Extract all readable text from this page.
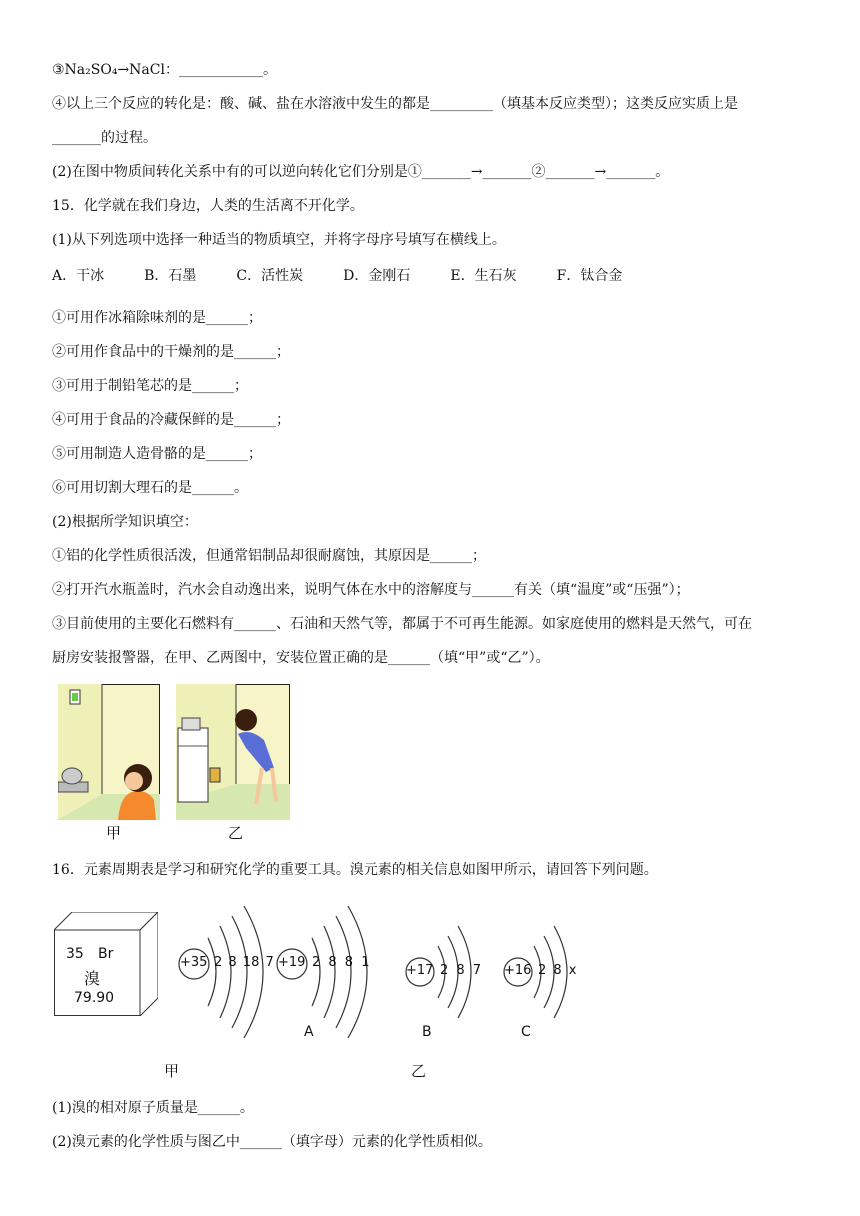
③Na₂SO₄→NaCl：____________。
④以上三个反应的转化是：酸、碱、盐在水溶液中发生的都是_________（填基本反应类型）；这类反应实质上是
_______的过程。
(2)在图中物质间转化关系中有的可以逆向转化它们分别是①_______→_______②_______→_______。
15．化学就在我们身边，人类的生活离不开化学。
(1)从下列选项中选择一种适当的物质填空，并将字母序号填写在横线上。
A．干冰	B．石墨	C．活性炭	D．金刚石	E．生石灰	F．钛合金
①可用作冰箱除味剂的是______；
②可用作食品中的干燥剂的是______；
③可用于制铅笔芯的是______；
④可用于食品的冷藏保鲜的是______；
⑤可用制造人造骨骼的是______；
⑥可用切割大理石的是______。
(2)根据所学知识填空：
①铝的化学性质很活泼，但通常铝制品却很耐腐蚀，其原因是______；
②打开汽水瓶盖时，汽水会自动逸出来，说明气体在水中的溶解度与______有关（填“温度”或“压强”）；
③目前使用的主要化石燃料有______、石油和天然气等，都属于不可再生能源。如家庭使用的燃料是天然气，可在
厨房安装报警器，在甲、乙两图中，安装位置正确的是______（填“甲”或“乙”）。
甲	乙
16．元素周期表是学习和研究化学的重要工具。溴元素的相关信息如图甲所示，请回答下列问题。
35 Br
溴
79.90
+35 2 8 18 7 +19 2 8 8 1
+17 2 8 7 +16 2 8 x
A	B	C
甲	乙
(1)溴的相对原子质量是______。
(2)溴元素的化学性质与图乙中______（填字母）元素的化学性质相似。
